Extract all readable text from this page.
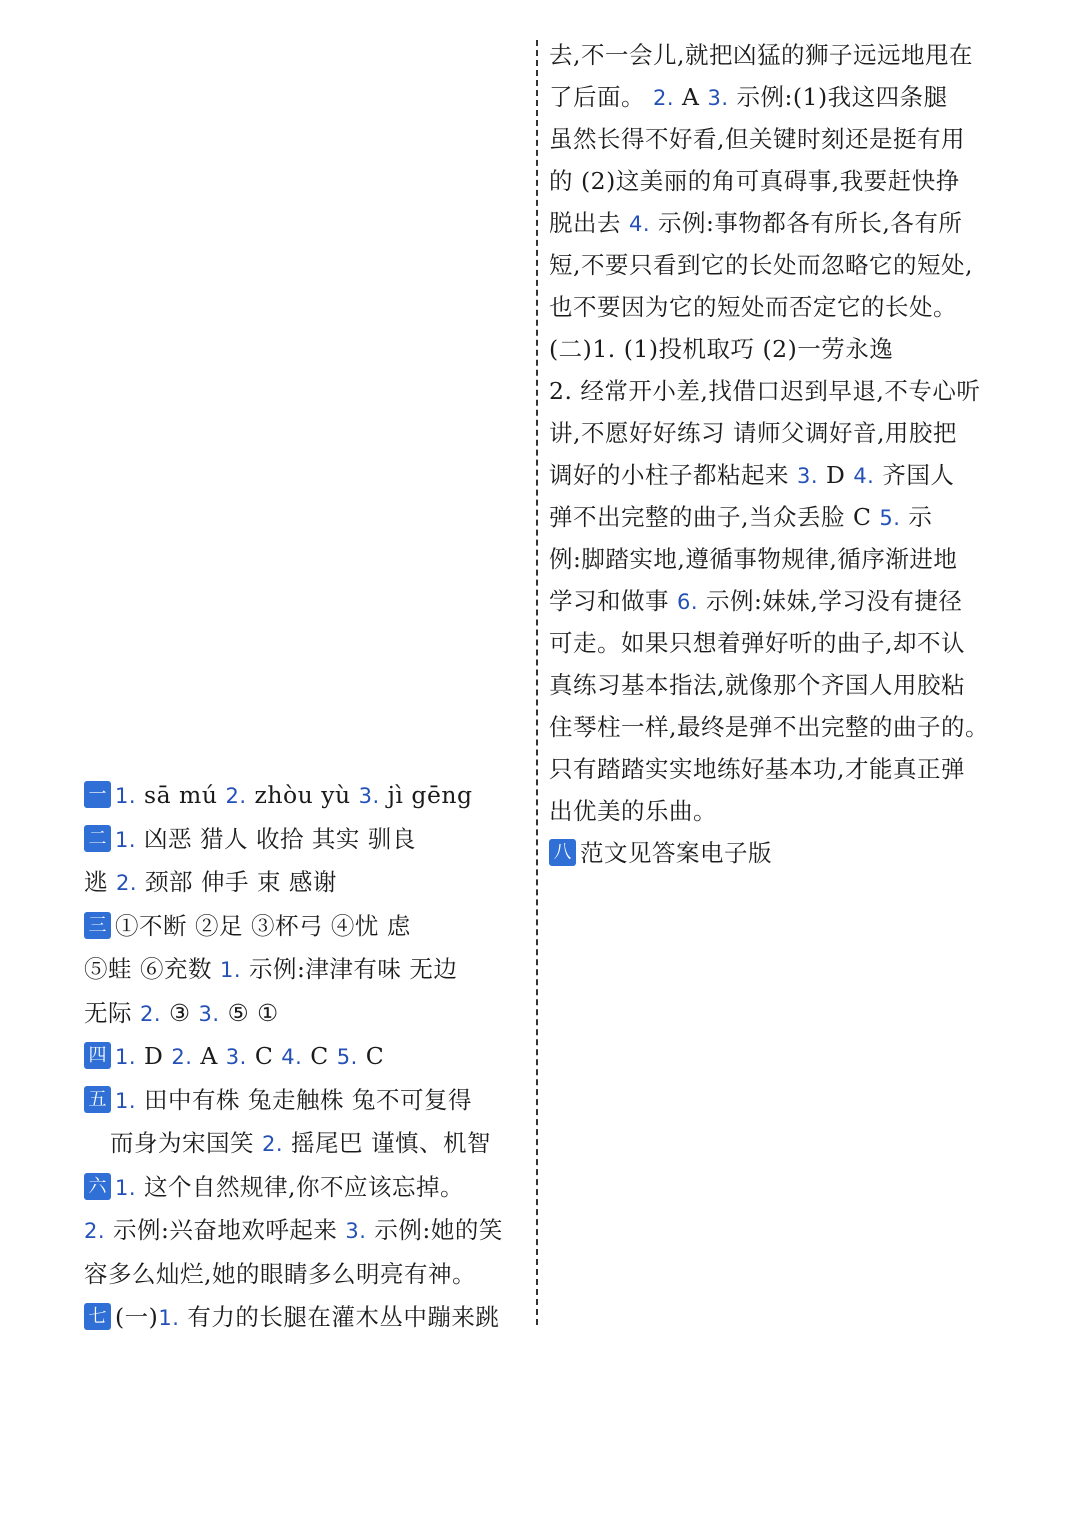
一 1. sā mú 2. zhòu yù 3. jì gēng
二 1. 凶恶 猎人 收拾 其实 驯良
逃 2. 颈部 伸手 束 感谢
三 ①不断 ②足 ③杯弓 ④忧 虑
⑤蛙 ⑥充数 1. 示例:津津有味 无边
无际 2. ③ 3. ⑤ ①
四 1. D 2. A 3. C 4. C 5. C
五 1. 田中有株 兔走触株 兔不可复得
而身为宋国笑 2. 摇尾巴 谨慎、机智
六 1. 这个自然规律,你不应该忘掉。
2. 示例:兴奋地欢呼起来 3. 示例:她的笑
容多么灿烂,她的眼睛多么明亮有神。
七 (一)1. 有力的长腿在灌木丛中蹦来跳
去,不一会儿,就把凶猛的狮子远远地甩在
了后面。 2. A 3. 示例:(1)我这四条腿
虽然长得不好看,但关键时刻还是挺有用
的 (2)这美丽的角可真碍事,我要赶快挣
脱出去 4. 示例:事物都各有所长,各有所
短,不要只看到它的长处而忽略它的短处,
也不要因为它的短处而否定它的长处。
(二)1. (1)投机取巧 (2)一劳永逸
2. 经常开小差,找借口迟到早退,不专心听
讲,不愿好好练习 请师父调好音,用胶把
调好的小柱子都粘起来 3. D 4. 齐国人
弹不出完整的曲子,当众丢脸 C 5. 示
例:脚踏实地,遵循事物规律,循序渐进地
学习和做事 6. 示例:妹妹,学习没有捷径
可走。如果只想着弹好听的曲子,却不认
真练习基本指法,就像那个齐国人用胶粘
住琴柱一样,最终是弹不出完整的曲子的。
只有踏踏实实地练好基本功,才能真正弹
出优美的乐曲。
八 范文见答案电子版
